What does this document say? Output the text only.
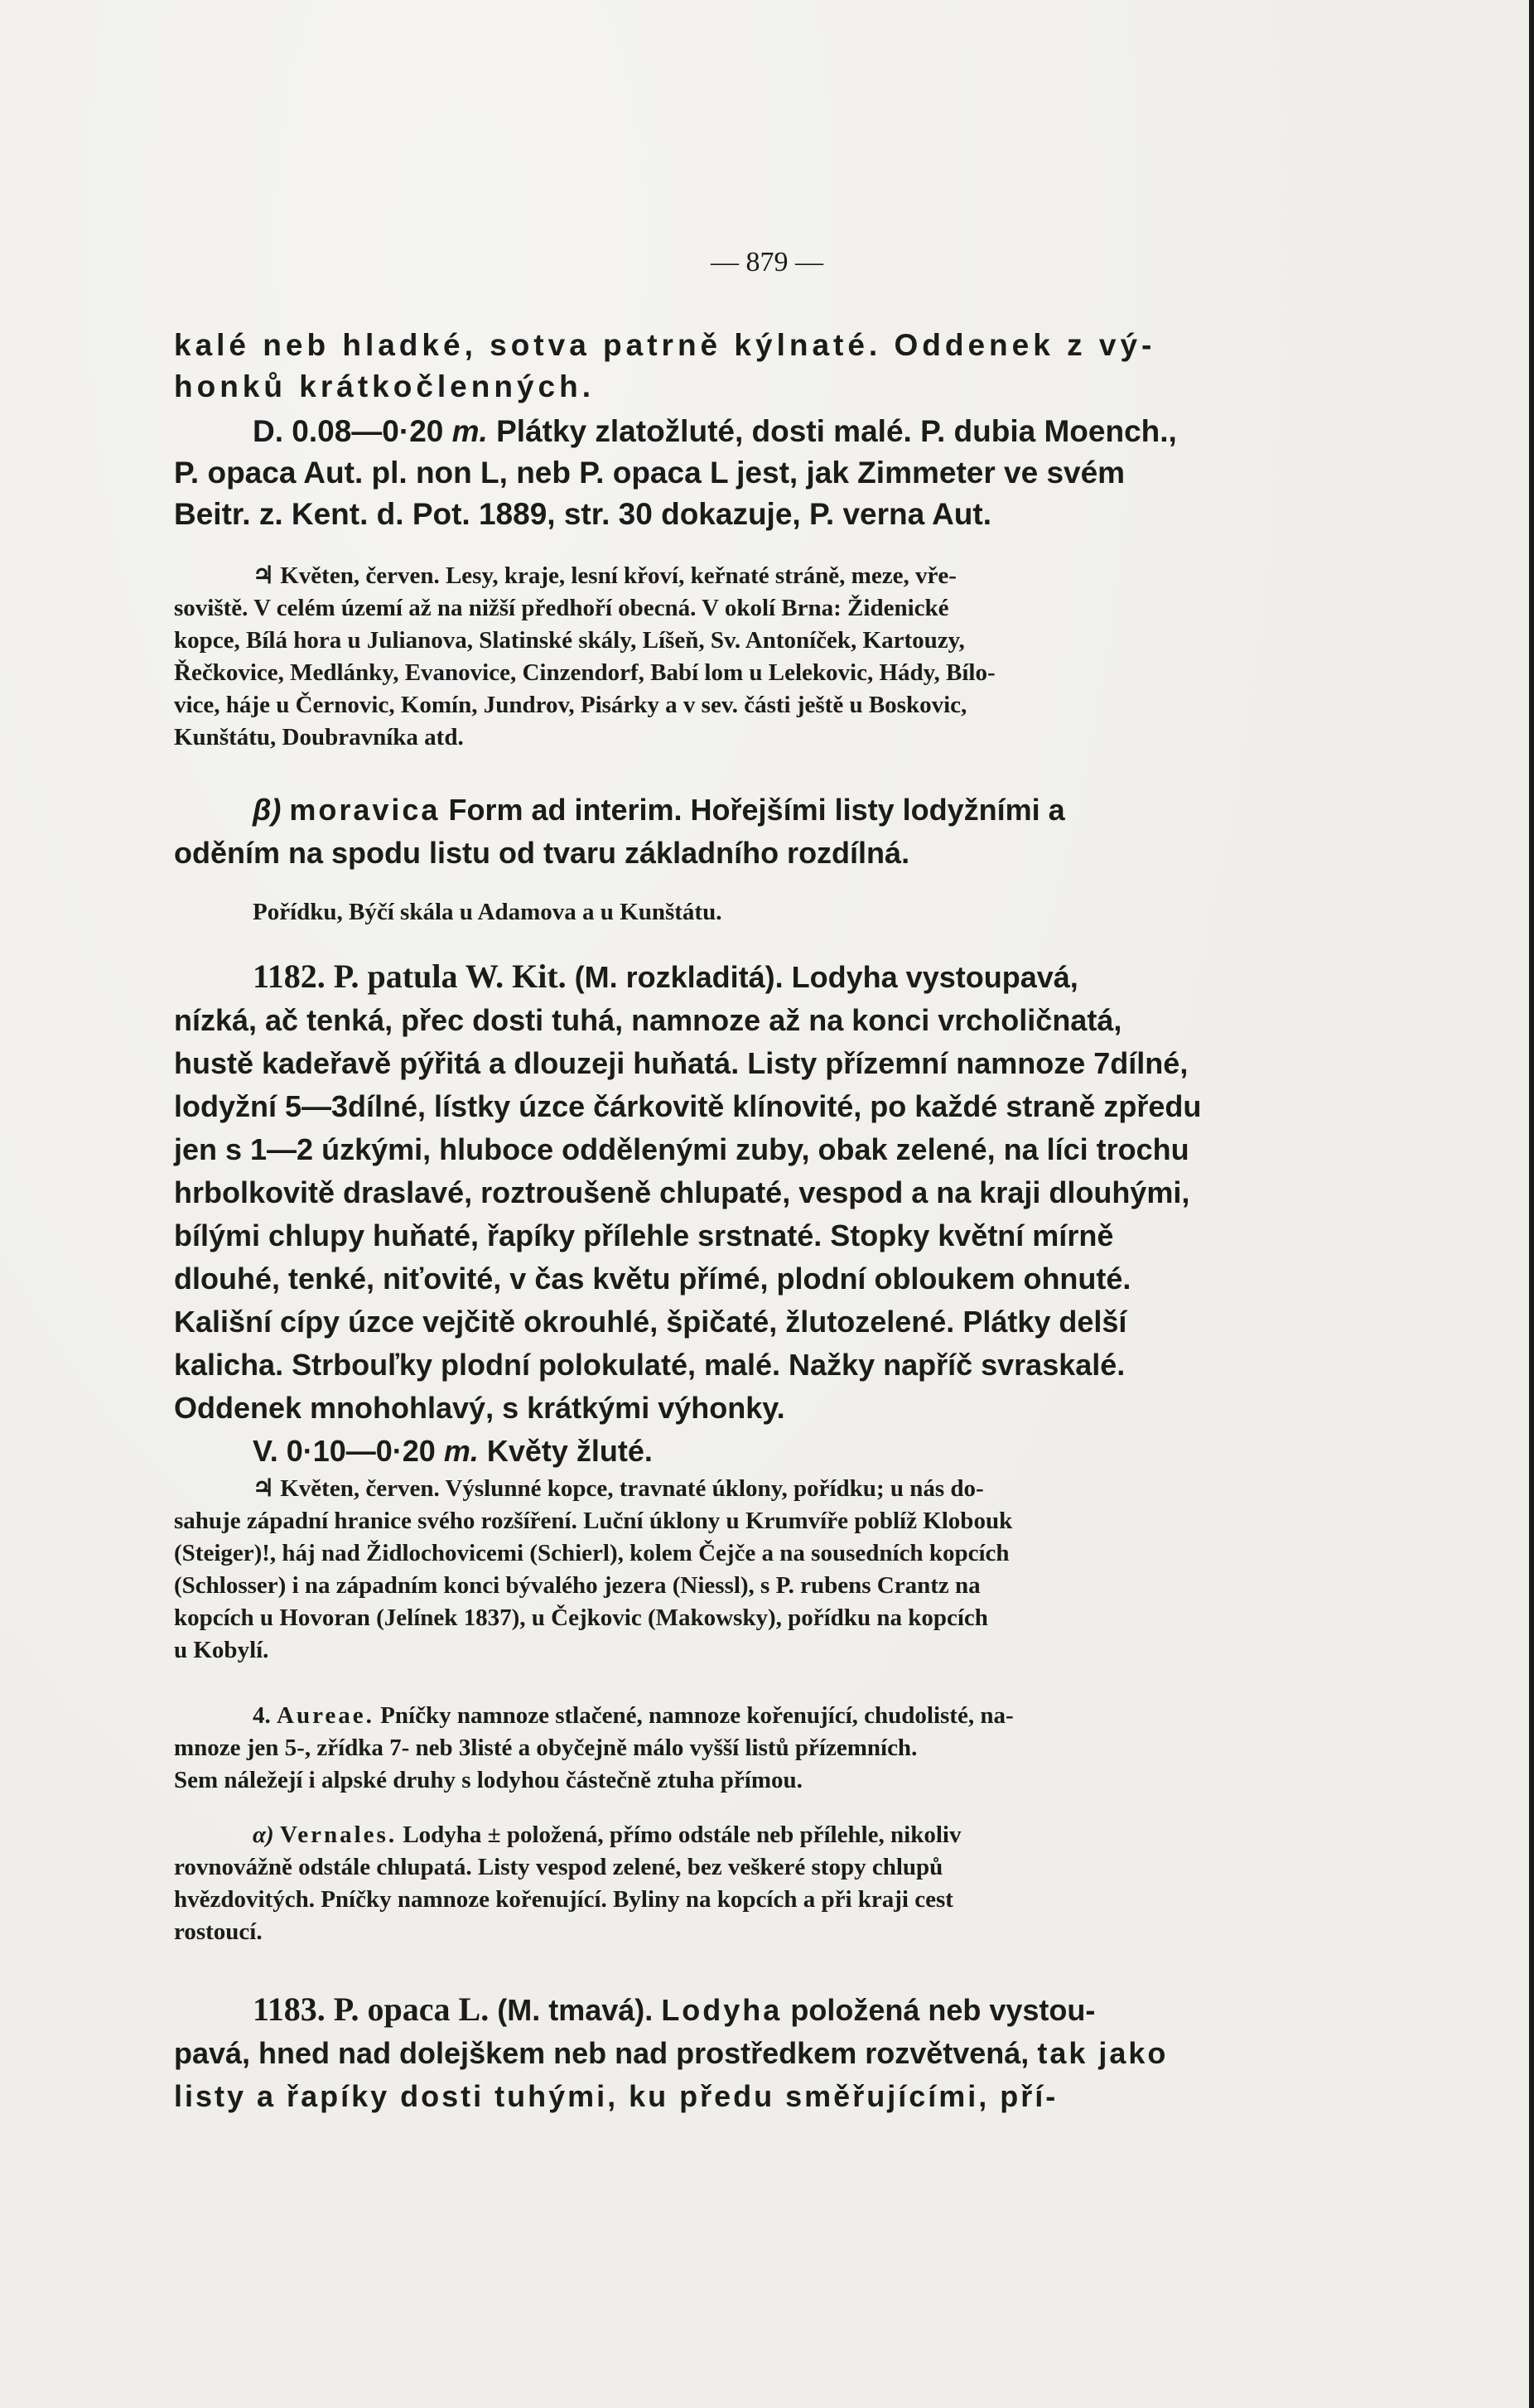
— 879 —
kalé neb hladké, sotva patrně kýlnaté. Oddenek z vý-
honků krátkočlenných.
D. 0.08—0·20 m. Plátky zlatožluté, dosti malé. P. dubia Moench.,
P. opaca Aut. pl. non L, neb P. opaca L jest, jak Zimmeter ve svém
Beitr. z. Kent. d. Pot. 1889, str. 30 dokazuje, P. verna Aut.
♃ Květen, červen. Lesy, kraje, lesní křoví, keřnaté stráně, meze, vře-
soviště. V celém území až na nižší předhoří obecná. V okolí Brna: Židenické
kopce, Bílá hora u Julianova, Slatinské skály, Líšeň, Sv. Antoníček, Kartouzy,
Řečkovice, Medlánky, Evanovice, Cinzendorf, Babí lom u Lelekovic, Hády, Bílo-
vice, háje u Černovic, Komín, Jundrov, Pisárky a v sev. části ještě u Boskovic,
Kunštátu, Doubravníka atd.
β) moravica Form ad interim. Hořejšími listy lodyžními a
oděním na spodu listu od tvaru základního rozdílná.
Pořídku, Býčí skála u Adamova a u Kunštátu.
1182. P. patula W. Kit. (M. rozkladitá). Lodyha vystoupavá,
nízká, ač tenká, přec dosti tuhá, namnoze až na konci vrcholičnatá,
hustě kadeřavě pýřitá a dlouzeji huňatá. Listy přízemní namnoze 7dílné,
lodyžní 5—3dílné, lístky úzce čárkovitě klínovité, po každé straně zpředu
jen s 1—2 úzkými, hluboce oddělenými zuby, obak zelené, na líci trochu
hrbolkovitě draslavé, roztroušeně chlupaté, vespod a na kraji dlouhými,
bílými chlupy huňaté, řapíky přílehle srstnaté. Stopky květní mírně
dlouhé, tenké, niťovité, v čas květu přímé, plodní obloukem ohnuté.
Kališní cípy úzce vejčitě okrouhlé, špičaté, žlutozelené. Plátky delší
kalicha. Strbouľky plodní polokulaté, malé. Nažky napříč svraskalé.
Oddenek mnohohlavý, s krátkými výhonky.
V. 0·10—0·20 m. Květy žluté.
♃ Květen, červen. Výslunné kopce, travnaté úklony, pořídku; u nás do-
sahuje západní hranice svého rozšíření. Luční úklony u Krumvíře poblíž Klobouk
(Steiger)!, háj nad Židlochovicemi (Schierl), kolem Čejče a na sousedních kopcích
(Schlosser) i na západním konci bývalého jezera (Niessl), s P. rubens Crantz na
kopcích u Hovoran (Jelínek 1837), u Čejkovic (Makowsky), pořídku na kopcích
u Kobylí.
4. Aureae. Pníčky namnoze stlačené, namnoze kořenující, chudolisté, na-
mnoze jen 5-, zřídka 7- neb 3listé a obyčejně málo vyšší listů přízemních.
Sem náležejí i alpské druhy s lodyhou částečně ztuha přímou.
α) Vernales. Lodyha ± položená, přímo odstále neb přílehle, nikoliv
rovnovážně odstále chlupatá. Listy vespod zelené, bez veškeré stopy chlupů
hvězdovitých. Pníčky namnoze kořenující. Byliny na kopcích a při kraji cest
rostoucí.
1183. P. opaca L. (M. tmavá). Lodyha položená neb vystou-
pavá, hned nad dolejškem neb nad prostředkem rozvětvená, tak jako
listy a řapíky dosti tuhými, ku předu směřujícími, pří-
